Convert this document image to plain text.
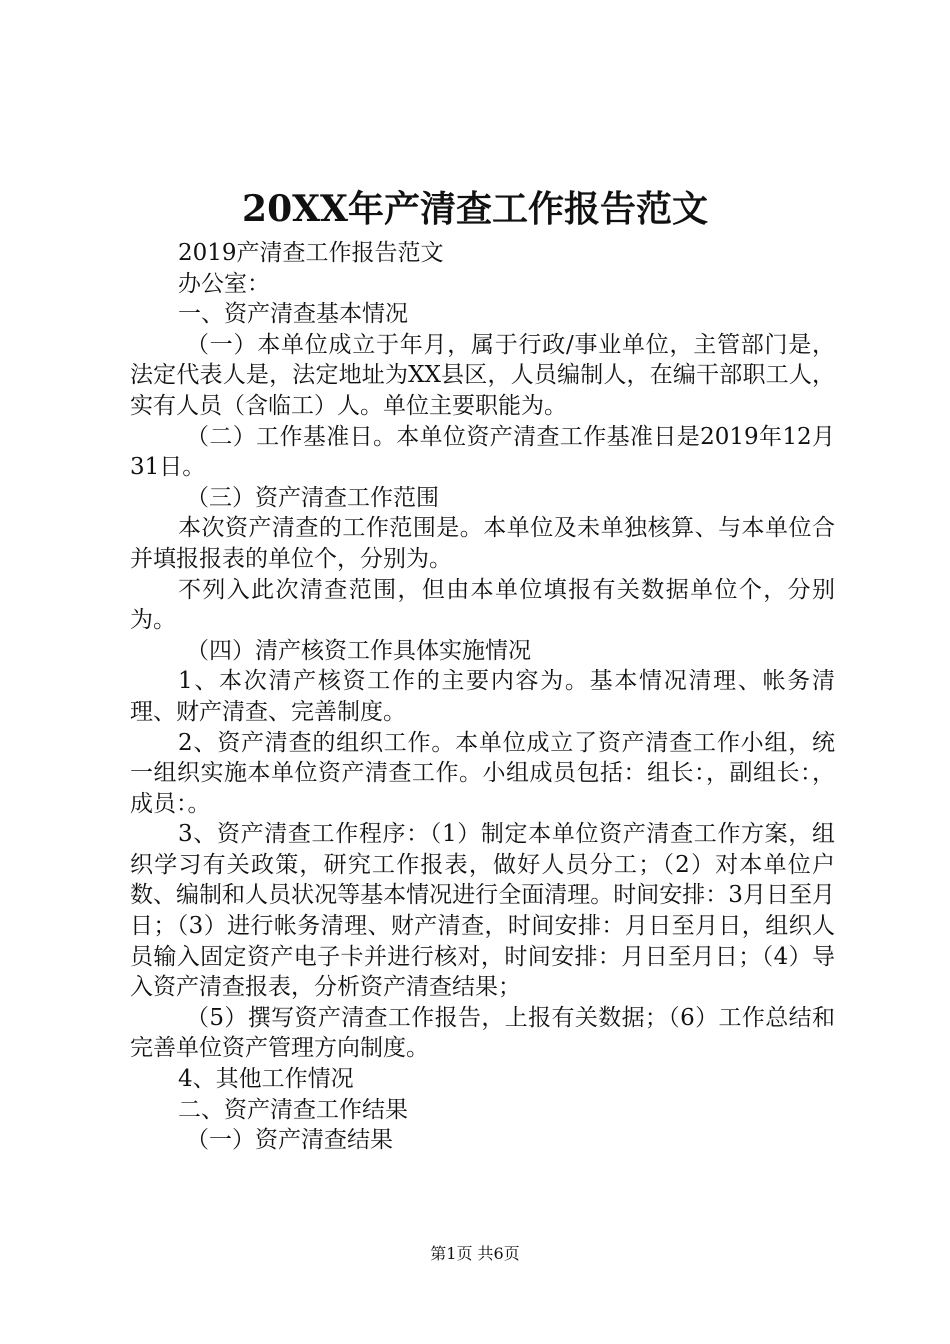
20XX年产清查工作报告范文

2019产清查工作报告范文

办公室：

一、资产清查基本情况

（一）本单位成立于年月，属于行政/事业单位，主管部门是，法定代表人是，法定地址为XX县区，人员编制人，在编干部职工人，实有人员（含临工）人。单位主要职能为。

（二）工作基准日。本单位资产清查工作基准日是2019年12月31日。

（三）资产清查工作范围

本次资产清查的工作范围是。本单位及未单独核算、与本单位合并填报报表的单位个，分别为。

不列入此次清查范围，但由本单位填报有关数据单位个，分别为。

（四）清产核资工作具体实施情况

1、本次清产核资工作的主要内容为。基本情况清理、帐务清理、财产清查、完善制度。

2、资产清查的组织工作。本单位成立了资产清查工作小组，统一组织实施本单位资产清查工作。小组成员包括：组长：，副组长：，成员：。

3、资产清查工作程序：（1）制定本单位资产清查工作方案，组织学习有关政策，研究工作报表，做好人员分工；（2）对本单位户数、编制和人员状况等基本情况进行全面清理。时间安排：3月日至月日；（3）进行帐务清理、财产清查，时间安排：月日至月日，组织人员输入固定资产电子卡并进行核对，时间安排：月日至月日；（4）导入资产清查报表，分析资产清查结果；

（5）撰写资产清查工作报告，上报有关数据；（6）工作总结和完善单位资产管理方向制度。

4、其他工作情况

二、资产清查工作结果

（一）资产清查结果

第1页 共6页
